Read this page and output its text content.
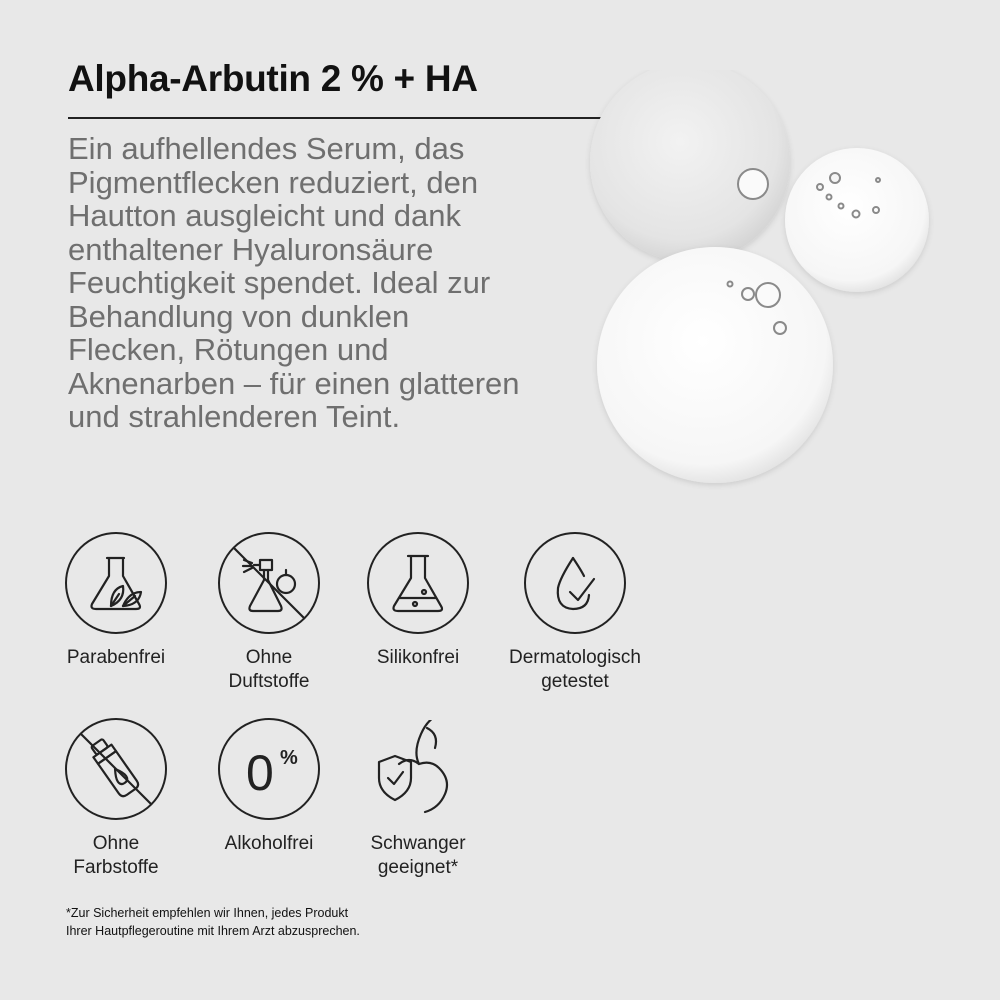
Alpha-Arbutin 2 % + HA

Ein aufhellendes Serum, das
Pigmentflecken reduziert, den
Hautton ausgleicht und dank
enthaltener Hyaluronsäure
Feuchtigkeit spendet. Ideal zur
Behandlung von dunklen
Flecken, Rötungen und
Aknenarben – für einen glatteren
und strahlenderen Teint.

Parabenfrei	Ohne
Duftstoffe
Silikonfrei	Dermatologisch
getestet
Ohne
Farbstoffe
0 %
Alkoholfrei	Schwanger
geeignet*
*Zur Sicherheit empfehlen wir Ihnen, jedes Produkt
Ihrer Hautpflegeroutine mit Ihrem Arzt abzusprechen.
